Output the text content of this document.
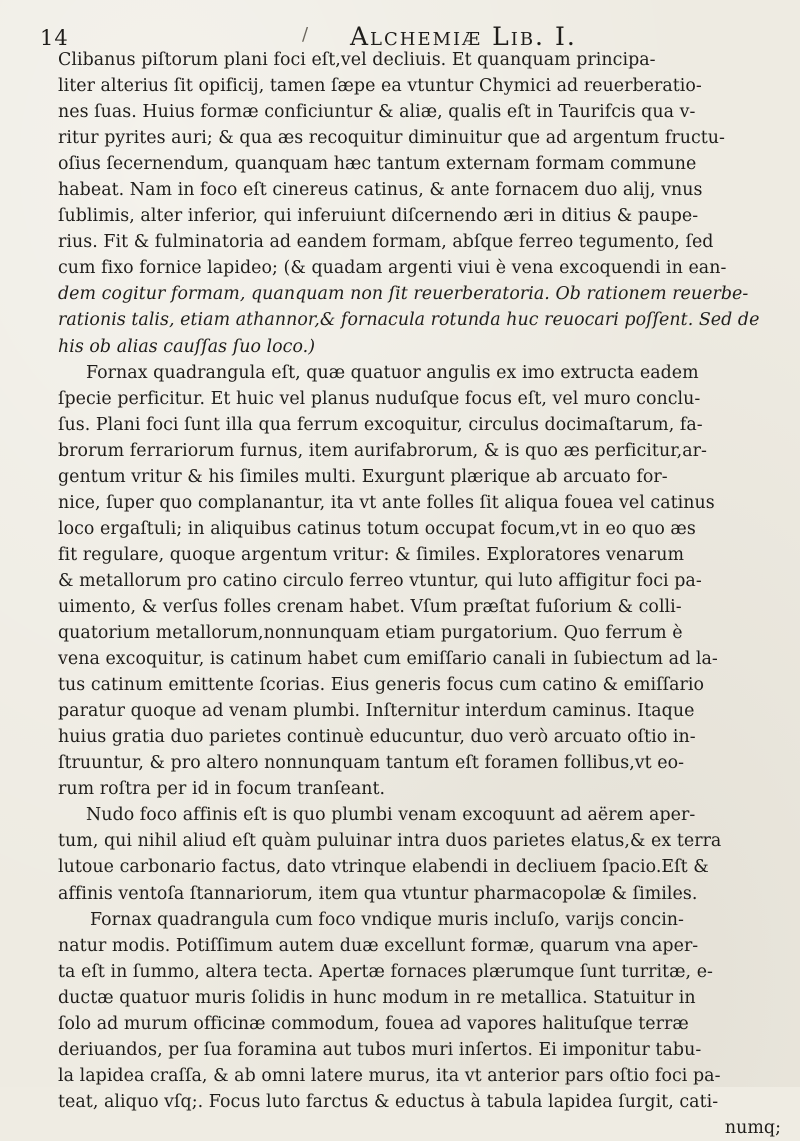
14	/ Alchemiæ Lib. I.
Clibanus piſtorum plani foci eſt,vel decliuis. Et quanquam principa-
liter alterius ſit opificij, tamen ſæpe ea vtuntur Chymici ad reuerberatio-
nes ſuas. Huius formæ conficiuntur & aliæ, qualis eſt in Taurifcis qua v-
ritur pyrites auri; & qua æs recoquitur diminuitur que ad argentum fructu-
oſius ſecernendum, quanquam hæc tantum externam formam commune
habeat. Nam in foco eſt cinereus catinus, & ante fornacem duo alij, vnus
ſublimis, alter inferior, qui inferuiunt diſcernendo æri in ditius & paupe-
rius. Fit & fulminatoria ad eandem formam, abſque ferreo tegumento, ſed
cum fixo fornice lapideo; (& quadam argenti viui è vena excoquendi in ean-
dem cogitur formam, quanquam non ſit reuerberatoria. Ob rationem reuerbe-
rationis talis, etiam athannor,& fornacula rotunda huc reuocari poſſent. Sed de
his ob alias cauſſas ſuo loco.)
Fornax quadrangula eſt, quæ quatuor angulis ex imo extructa eadem
ſpecie perficitur. Et huic vel planus nuduſque focus eſt, vel muro conclu-
ſus. Plani foci ſunt illa qua ferrum excoquitur, circulus docimaſtarum, fa-
brorum ferrariorum furnus, item aurifabrorum, & is quo æs perficitur,ar-
gentum vritur & his ſimiles multi. Exurgunt plærique ab arcuato for-
nice, ſuper quo complanantur, ita vt ante folles ſit aliqua fouea vel catinus
loco ergaſtuli; in aliquibus catinus totum occupat focum,vt in eo quo æs
fit regulare, quoque argentum vritur: & ſimiles. Exploratores venarum
& metallorum pro catino circulo ferreo vtuntur, qui luto affigitur foci pa-
uimento, & verſus folles crenam habet. Vſum præſtat fuſorium & colli-
quatorium metallorum,nonnunquam etiam purgatorium. Quo ferrum è
vena excoquitur, is catinum habet cum emiſſario canali in ſubiectum ad la-
tus catinum emittente ſcorias. Eius generis focus cum catino & emiſſario
paratur quoque ad venam plumbi. Inſternitur interdum caminus. Itaque
huius gratia duo parietes continuè educuntur, duo verò arcuato oſtio in-
ſtruuntur, & pro altero nonnunquam tantum eſt foramen follibus,vt eo-
rum roſtra per id in focum tranſeant.
Nudo foco affinis eſt is quo plumbi venam excoquunt ad aërem aper-
tum, qui nihil aliud eſt quàm puluinar intra duos parietes elatus,& ex terra
lutoue carbonario factus, dato vtrinque elabendi in decliuem ſpacio.Eſt &
affinis ventoſa ſtannariorum, item qua vtuntur pharmacopolæ & ſimiles.
Fornax quadrangula cum foco vndique muris incluſo, varijs concin-
natur modis. Potiſſimum autem duæ excellunt formæ, quarum vna aper-
ta eſt in ſummo, altera tecta. Apertæ fornaces plærumque ſunt turritæ, e-
ductæ quatuor muris ſolidis in hunc modum in re metallica. Statuitur in
ſolo ad murum officinæ commodum, fouea ad vapores halituſque terræ
deriuandos, per ſua foramina aut tubos muri inſertos. Ei imponitur tabu-
la lapidea craſſa, & ab omni latere murus, ita vt anterior pars oſtio foci pa-
teat, aliquo vſq;. Focus luto farctus & eductus à tabula lapidea ſurgit, cati-
numq;
